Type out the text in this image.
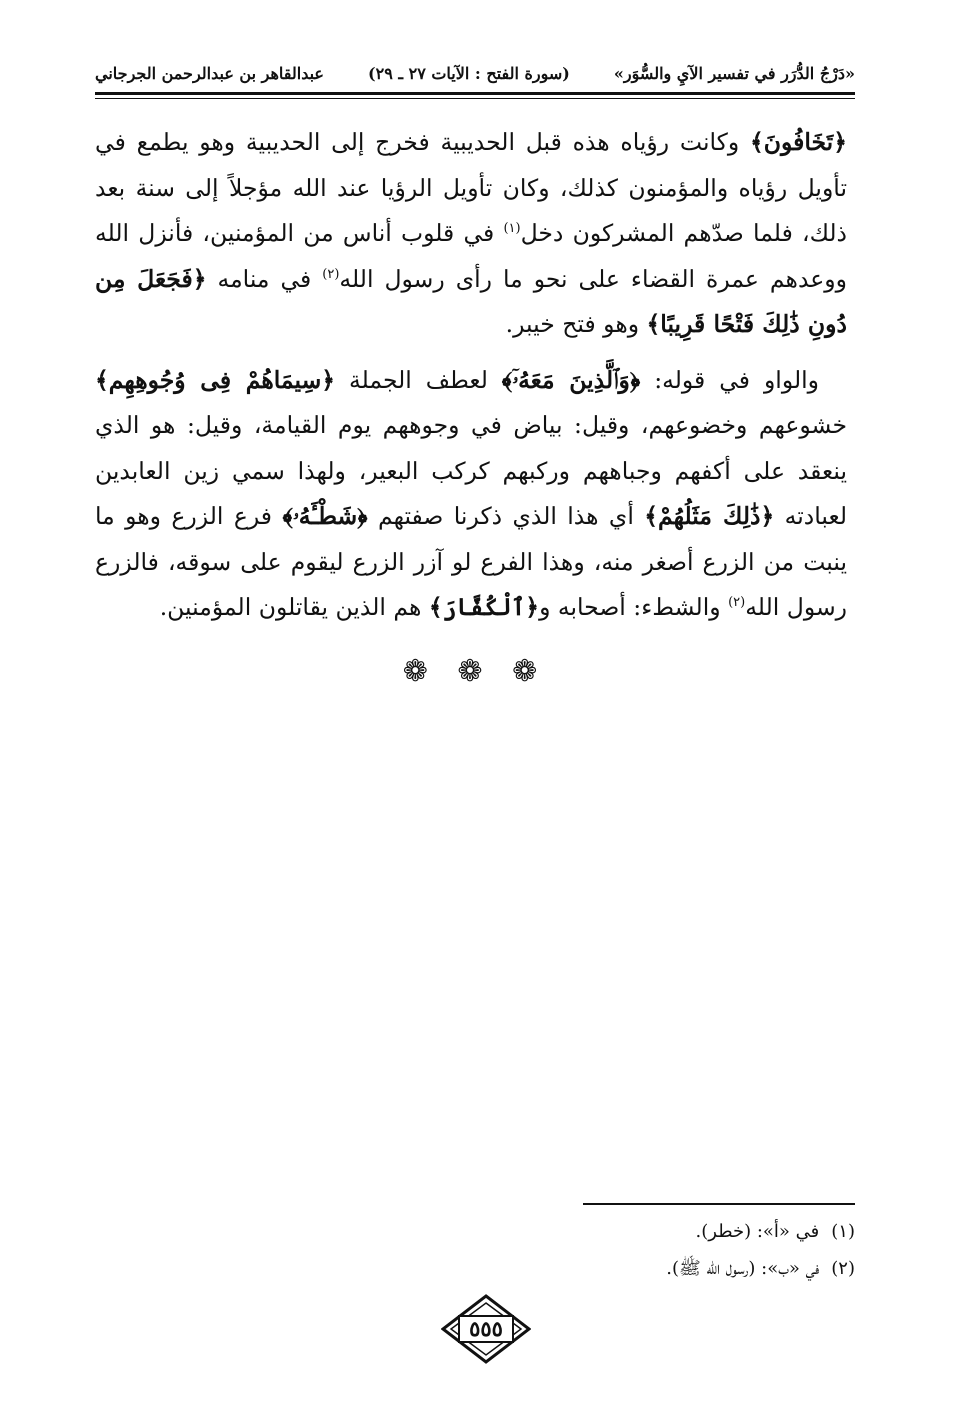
«دَرْجُ الدُّرَر في تفسير الآيِ والسُّوَر»
(سورة الفتح : الآيات ٢٧ ـ ٢٩)
عبدالقاهر بن عبدالرحمن الجرجاني

﴿تَخَافُونَ﴾ وكانت رؤياه هذه قبل الحديبية فخرج إلى الحديبية وهو يطمع في تأويل رؤياه والمؤمنون كذلك، وكان تأويل الرؤيا عند الله مؤجلاً إلى سنة بعد ذلك، فلما صدّهم المشركون دخل$^{(١)}$ في قلوب أناس من المؤمنين، فأنزل الله ووعدهم عمرة القضاء على نحو ما رأى رسول الله$^{(٢)}$ في منامه ﴿فَجَعَلَ مِن دُونِ ذَٰلِكَ فَتْحًا قَرِيبًا﴾ وهو فتح خيبر.

والواو في قوله: ﴿وَٱلَّذِينَ مَعَهُۥٓ﴾ لعطف الجملة ﴿سِيمَاهُمْ فِى وُجُوهِهِم﴾ خشوعهم وخضوعهم، وقيل: بياض في وجوههم يوم القيامة، وقيل: هو الذي ينعقد على أكفهم وجباههم وركبهم كركب البعير، ولهذا سمي زين العابدين لعبادته ﴿ذَٰلِكَ مَثَلُهُمْ﴾ أي هذا الذي ذكرنا صفتهم ﴿شَطْـَٔهُۥ﴾ فرع الزرع وهو ما ينبت من الزرع أصغر منه، وهذا الفرع لو آزر الزرع ليقوم على سوقه، فالزرع رسول الله$^{(٢)}$ والشطء: أصحابه و﴿ٱلْكُفَّارَ﴾ هم الذين يقاتلون المؤمنين.

❁ ❁ ❁
(١)في «أ»: (خطر).
(٢)في «ب»: (رسول الله ﷺ).
٥٥٥
